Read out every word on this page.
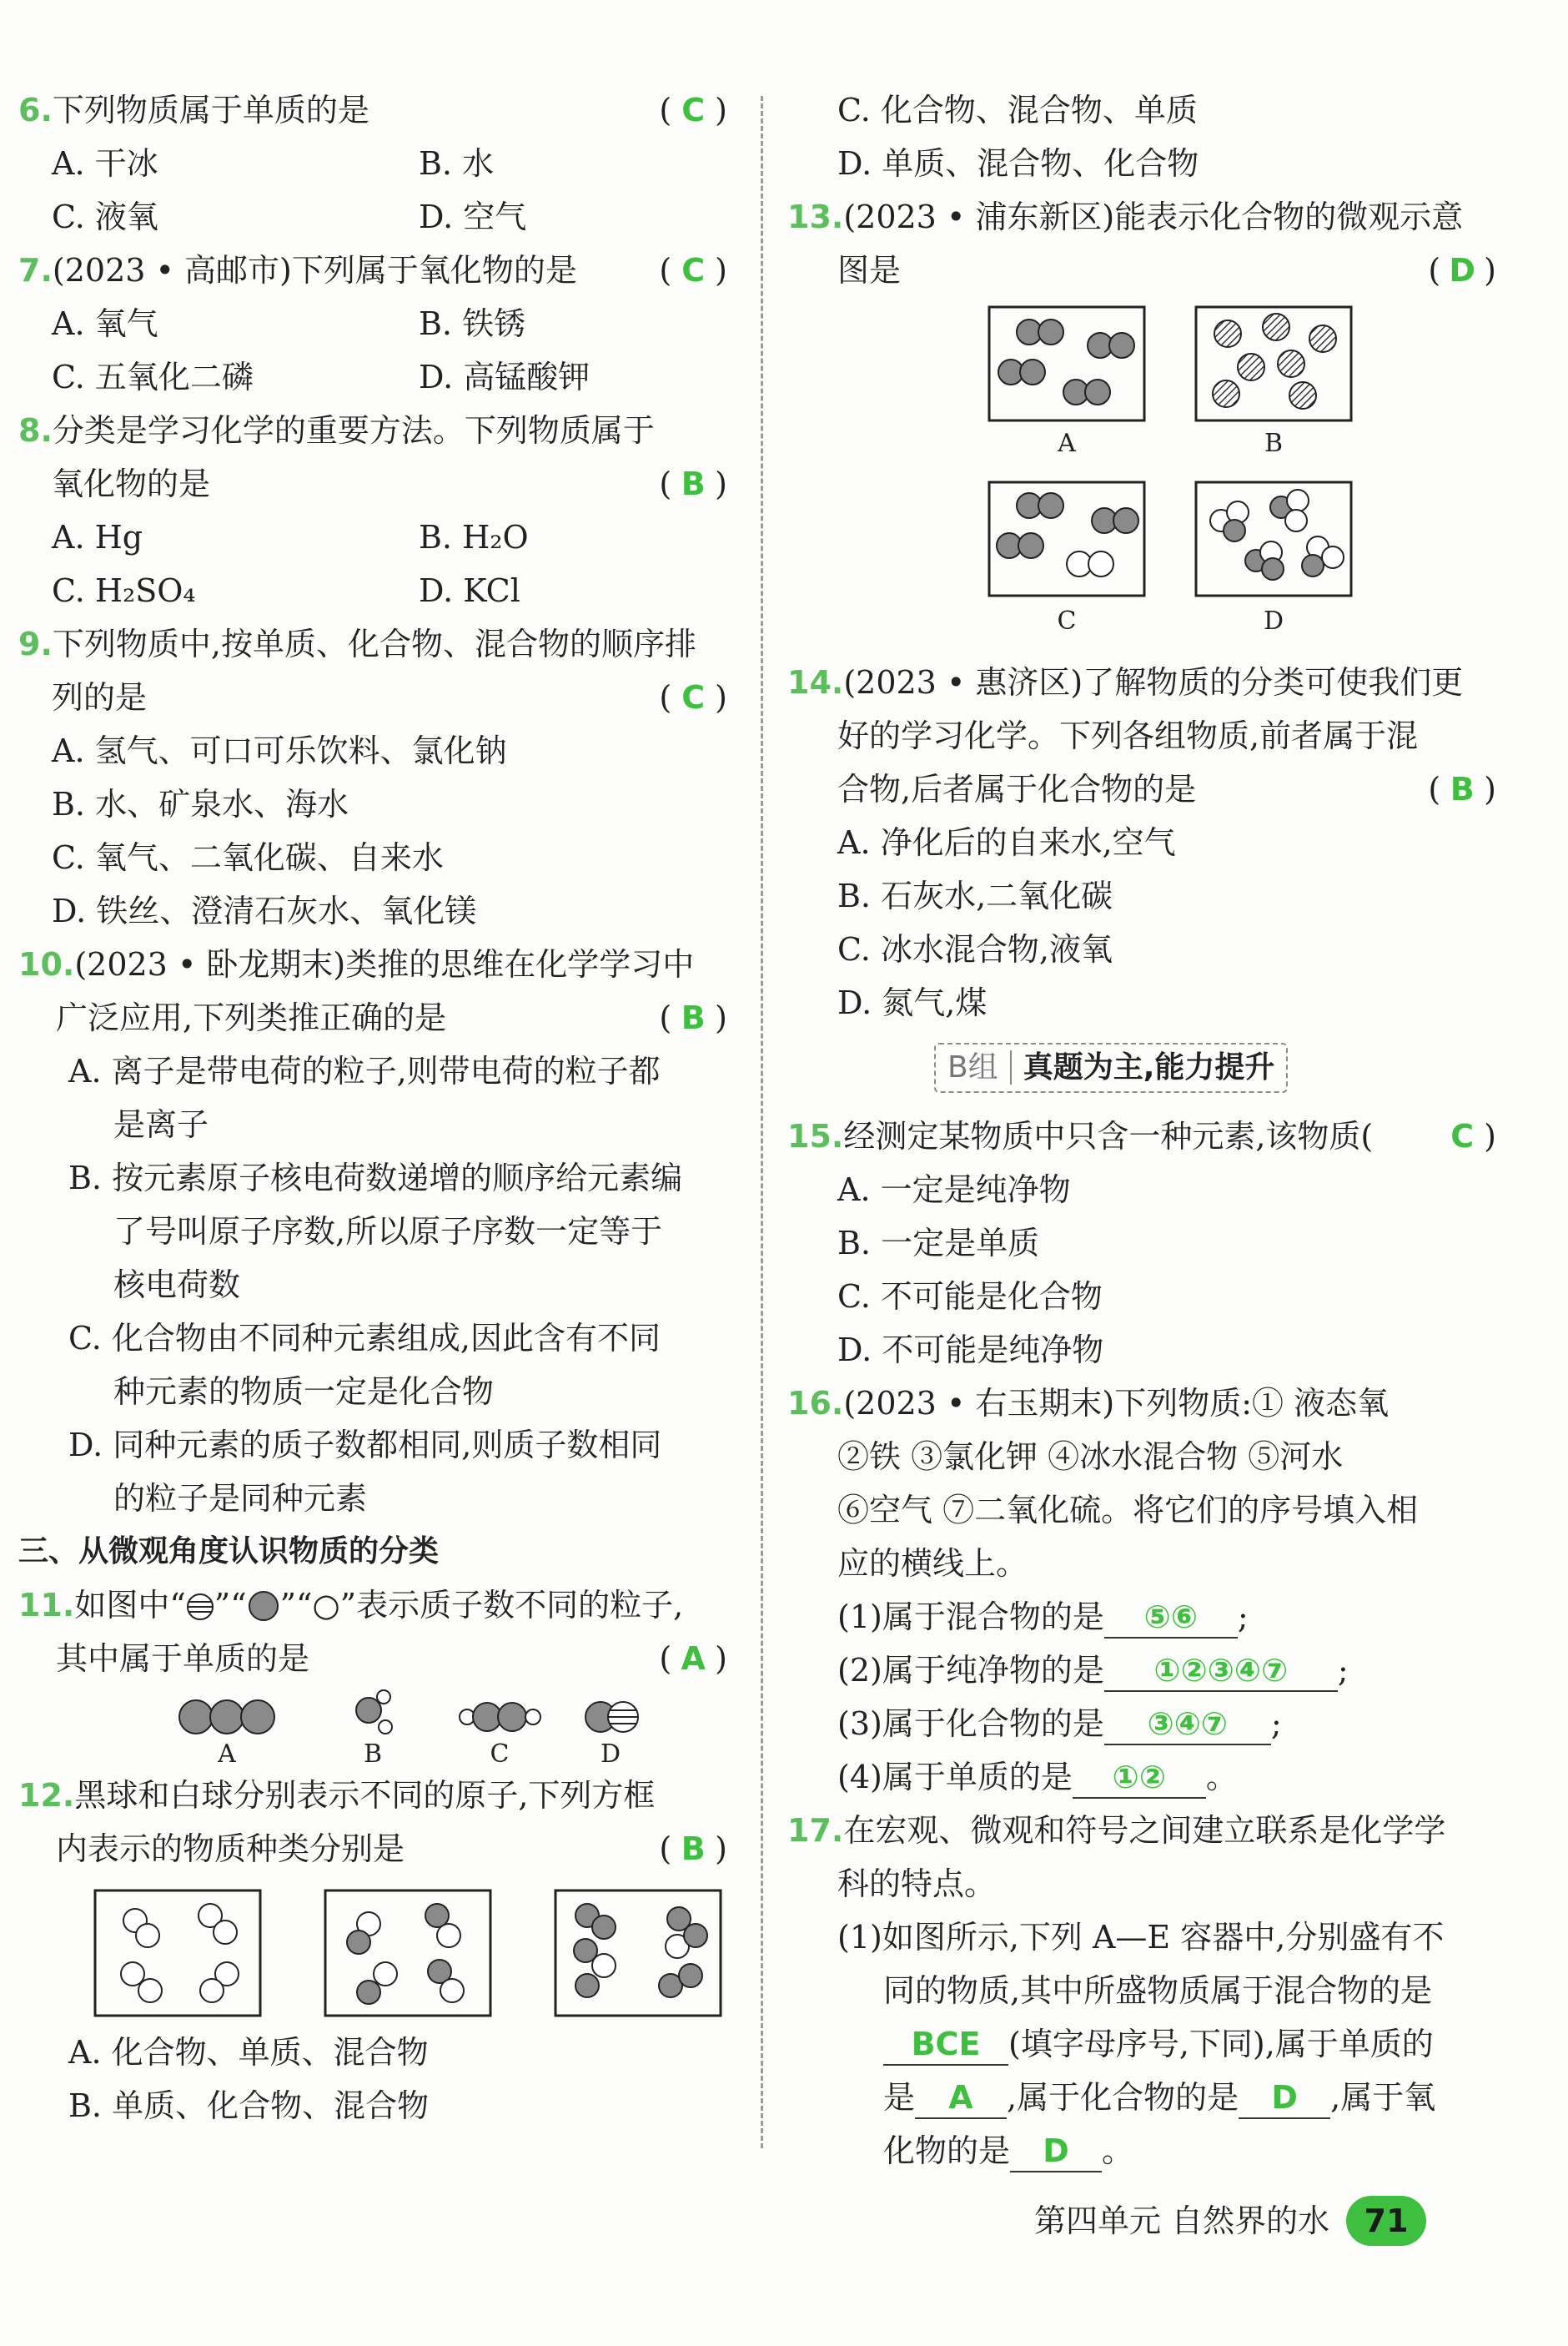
6.下列物质属于单质的是	( C )
A. 干冰	B. 水
C. 液氧	D. 空气
7.(2023 • 高邮市)下列属于氧化物的是	( C )
A. 氧气	B. 铁锈
C. 五氧化二磷	D. 高锰酸钾
8.分类是学习化学的重要方法。下列物质属于
氧化物的是	( B )
A. Hg	B. H₂O
C. H₂SO₄	D. KCl
9.下列物质中,按单质、化合物、混合物的顺序排
列的是	( C )
A. 氢气、可口可乐饮料、氯化钠
B. 水、矿泉水、海水
C. 氧气、二氧化碳、自来水
D. 铁丝、澄清石灰水、氧化镁
10.(2023 • 卧龙期末)类推的思维在化学学习中
广泛应用,下列类推正确的是	( B )
A. 离子是带电荷的粒子,则带电荷的粒子都
是离子
B. 按元素原子核电荷数递增的顺序给元素编
了号叫原子序数,所以原子序数一定等于
核电荷数
C. 化合物由不同种元素组成,因此含有不同
种元素的物质一定是化合物
D. 同种元素的质子数都相同,则质子数相同
的粒子是同种元素
三、从微观角度认识物质的分类
11.如图中“ ”“ ”“○”表示质子数不同的粒子,
其中属于单质的是	( A )
A	B	C	D
12.黑球和白球分别表示不同的原子,下列方框
内表示的物质种类分别是	( B )
A. 化合物、单质、混合物
B. 单质、化合物、混合物
C. 化合物、混合物、单质
D. 单质、混合物、化合物
13.(2023 • 浦东新区)能表示化合物的微观示意
图是	( D )
A	B
C	D
14.(2023 • 惠济区)了解物质的分类可使我们更
好的学习化学。下列各组物质,前者属于混
合物,后者属于化合物的是	( B )
A. 净化后的自来水,空气
B. 石灰水,二氧化碳
C. 冰水混合物,液氧
D. 氮气,煤
B组 真题为主,能力提升
15.经测定某物质中只含一种元素,该物质(	C )
A. 一定是纯净物
B. 一定是单质
C. 不可能是化合物
D. 不可能是纯净物
16.(2023 • 右玉期末)下列物质:① 液态氧
②铁 ③氯化钾 ④冰水混合物 ⑤河水
⑥空气 ⑦二氧化硫。将它们的序号填入相
应的横线上。
(1)属于混合物的是 ⑤⑥ ;
(2)属于纯净物的是 ①②③④⑦ ;
(3)属于化合物的是 ③④⑦ ;
(4)属于单质的是 ①② 。
17.在宏观、微观和符号之间建立联系是化学学
科的特点。
(1)如图所示,下列 A—E 容器中,分别盛有不
同的物质,其中所盛物质属于混合物的是
BCE (填字母序号,下同),属于单质的
是 A ,属于化合物的是 D ,属于氧
化物的是 D 。
第四单元 自然界的水 71
